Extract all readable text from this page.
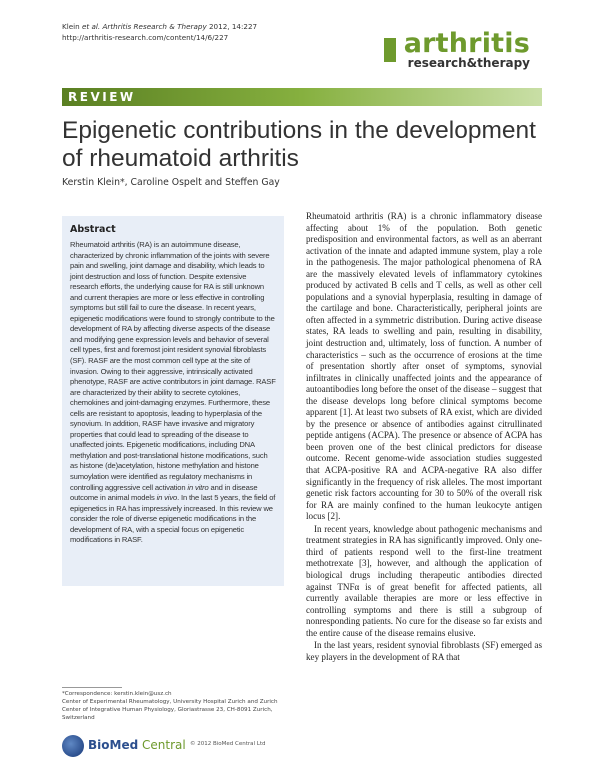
Klein et al. Arthritis Research & Therapy 2012, 14:227
http://arthritis-research.com/content/14/6/227	arthritis
research&therapy
REVIEW
Epigenetic contributions in the development of rheumatoid arthritis
Kerstin Klein*, Caroline Ospelt and Steffen Gay
Abstract
Rheumatoid arthritis (RA) is an autoimmune disease, characterized by chronic inflammation of the joints with severe pain and swelling, joint damage and disability, which leads to joint destruction and loss of function. Despite extensive research efforts, the underlying cause for RA is still unknown and current therapies are more or less effective in controlling symptoms but still fail to cure the disease. In recent years, epigenetic modifications were found to strongly contribute to the development of RA by affecting diverse aspects of the disease and modifying gene expression levels and behavior of several cell types, first and foremost joint resident synovial fibroblasts (SF). RASF are the most common cell type at the site of invasion. Owing to their aggressive, intrinsically activated phenotype, RASF are active contributors in joint damage. RASF are characterized by their ability to secrete cytokines, chemokines and joint-damaging enzymes. Furthermore, these cells are resistant to apoptosis, leading to hyperplasia of the synovium. In addition, RASF have invasive and migratory properties that could lead to spreading of the disease to unaffected joints. Epigenetic modifications, including DNA methylation and post-translational histone modifications, such as histone (de)acetylation, histone methylation and histone sumoylation were identified as regulatory mechanisms in controlling aggressive cell activation in vitro and in disease outcome in animal models in vivo. In the last 5 years, the field of epigenetics in RA has impressively increased. In this review we consider the role of diverse epigenetic modifications in the development of RA, with a special focus on epigenetic modifications in RASF.
*Correspondence: kerstin.klein@usz.ch
Center of Experimental Rheumatology, University Hospital Zurich and Zurich Center of Integrative Human Physiology, Gloriastrasse 23, CH-8091 Zurich, Switzerland
BioMed Central © 2012 BioMed Central Ltd

Rheumatoid arthritis (RA) is a chronic inflammatory disease affecting about 1% of the population. Both genetic predisposition and environmental factors, as well as an aberrant activation of the innate and adapted immune system, play a role in the pathogenesis. The major pathological phenomena of RA are the massively elevated levels of inflammatory cytokines produced by activated B cells and T cells, as well as other cell populations and a synovial hyperplasia, resulting in damage of the cartilage and bone. Characteristically, peripheral joints are often affected in a symmetric distribution. During active disease states, RA leads to swelling and pain, resulting in disability, joint destruction and, ultimately, loss of function. A number of characteristics – such as the occurrence of erosions at the time of presentation shortly after onset of symptoms, synovial infiltrates in clinically unaffected joints and the appearance of autoantibodies long before the onset of the disease – suggest that the disease develops long before clinical symptoms become apparent [1]. At least two subsets of RA exist, which are divided by the presence or absence of antibodies against citrullinated peptide antigens (ACPA). The presence or absence of ACPA has been proven one of the best clinical predictors for disease outcome. Recent genome-wide association studies suggested that ACPA-positive RA and ACPA-negative RA also differ significantly in the frequency of risk alleles. The most important genetic risk factors accounting for 30 to 50% of the overall risk for RA are mainly confined to the human leukocyte antigen locus [2].

In recent years, knowledge about pathogenic mechanisms and treatment strategies in RA has significantly improved. Only one-third of patients respond well to the first-line treatment methotrexate [3], however, and although the application of biological drugs including therapeutic antibodies directed against TNFα is of great benefit for affected patients, all currently available therapies are more or less effective in controlling symptoms and there is still a subgroup of nonresponding patients. No cure for the disease so far exists and the entire cause of the disease remains elusive.

In the last years, resident synovial fibroblasts (SF) emerged as key players in the development of RA that
